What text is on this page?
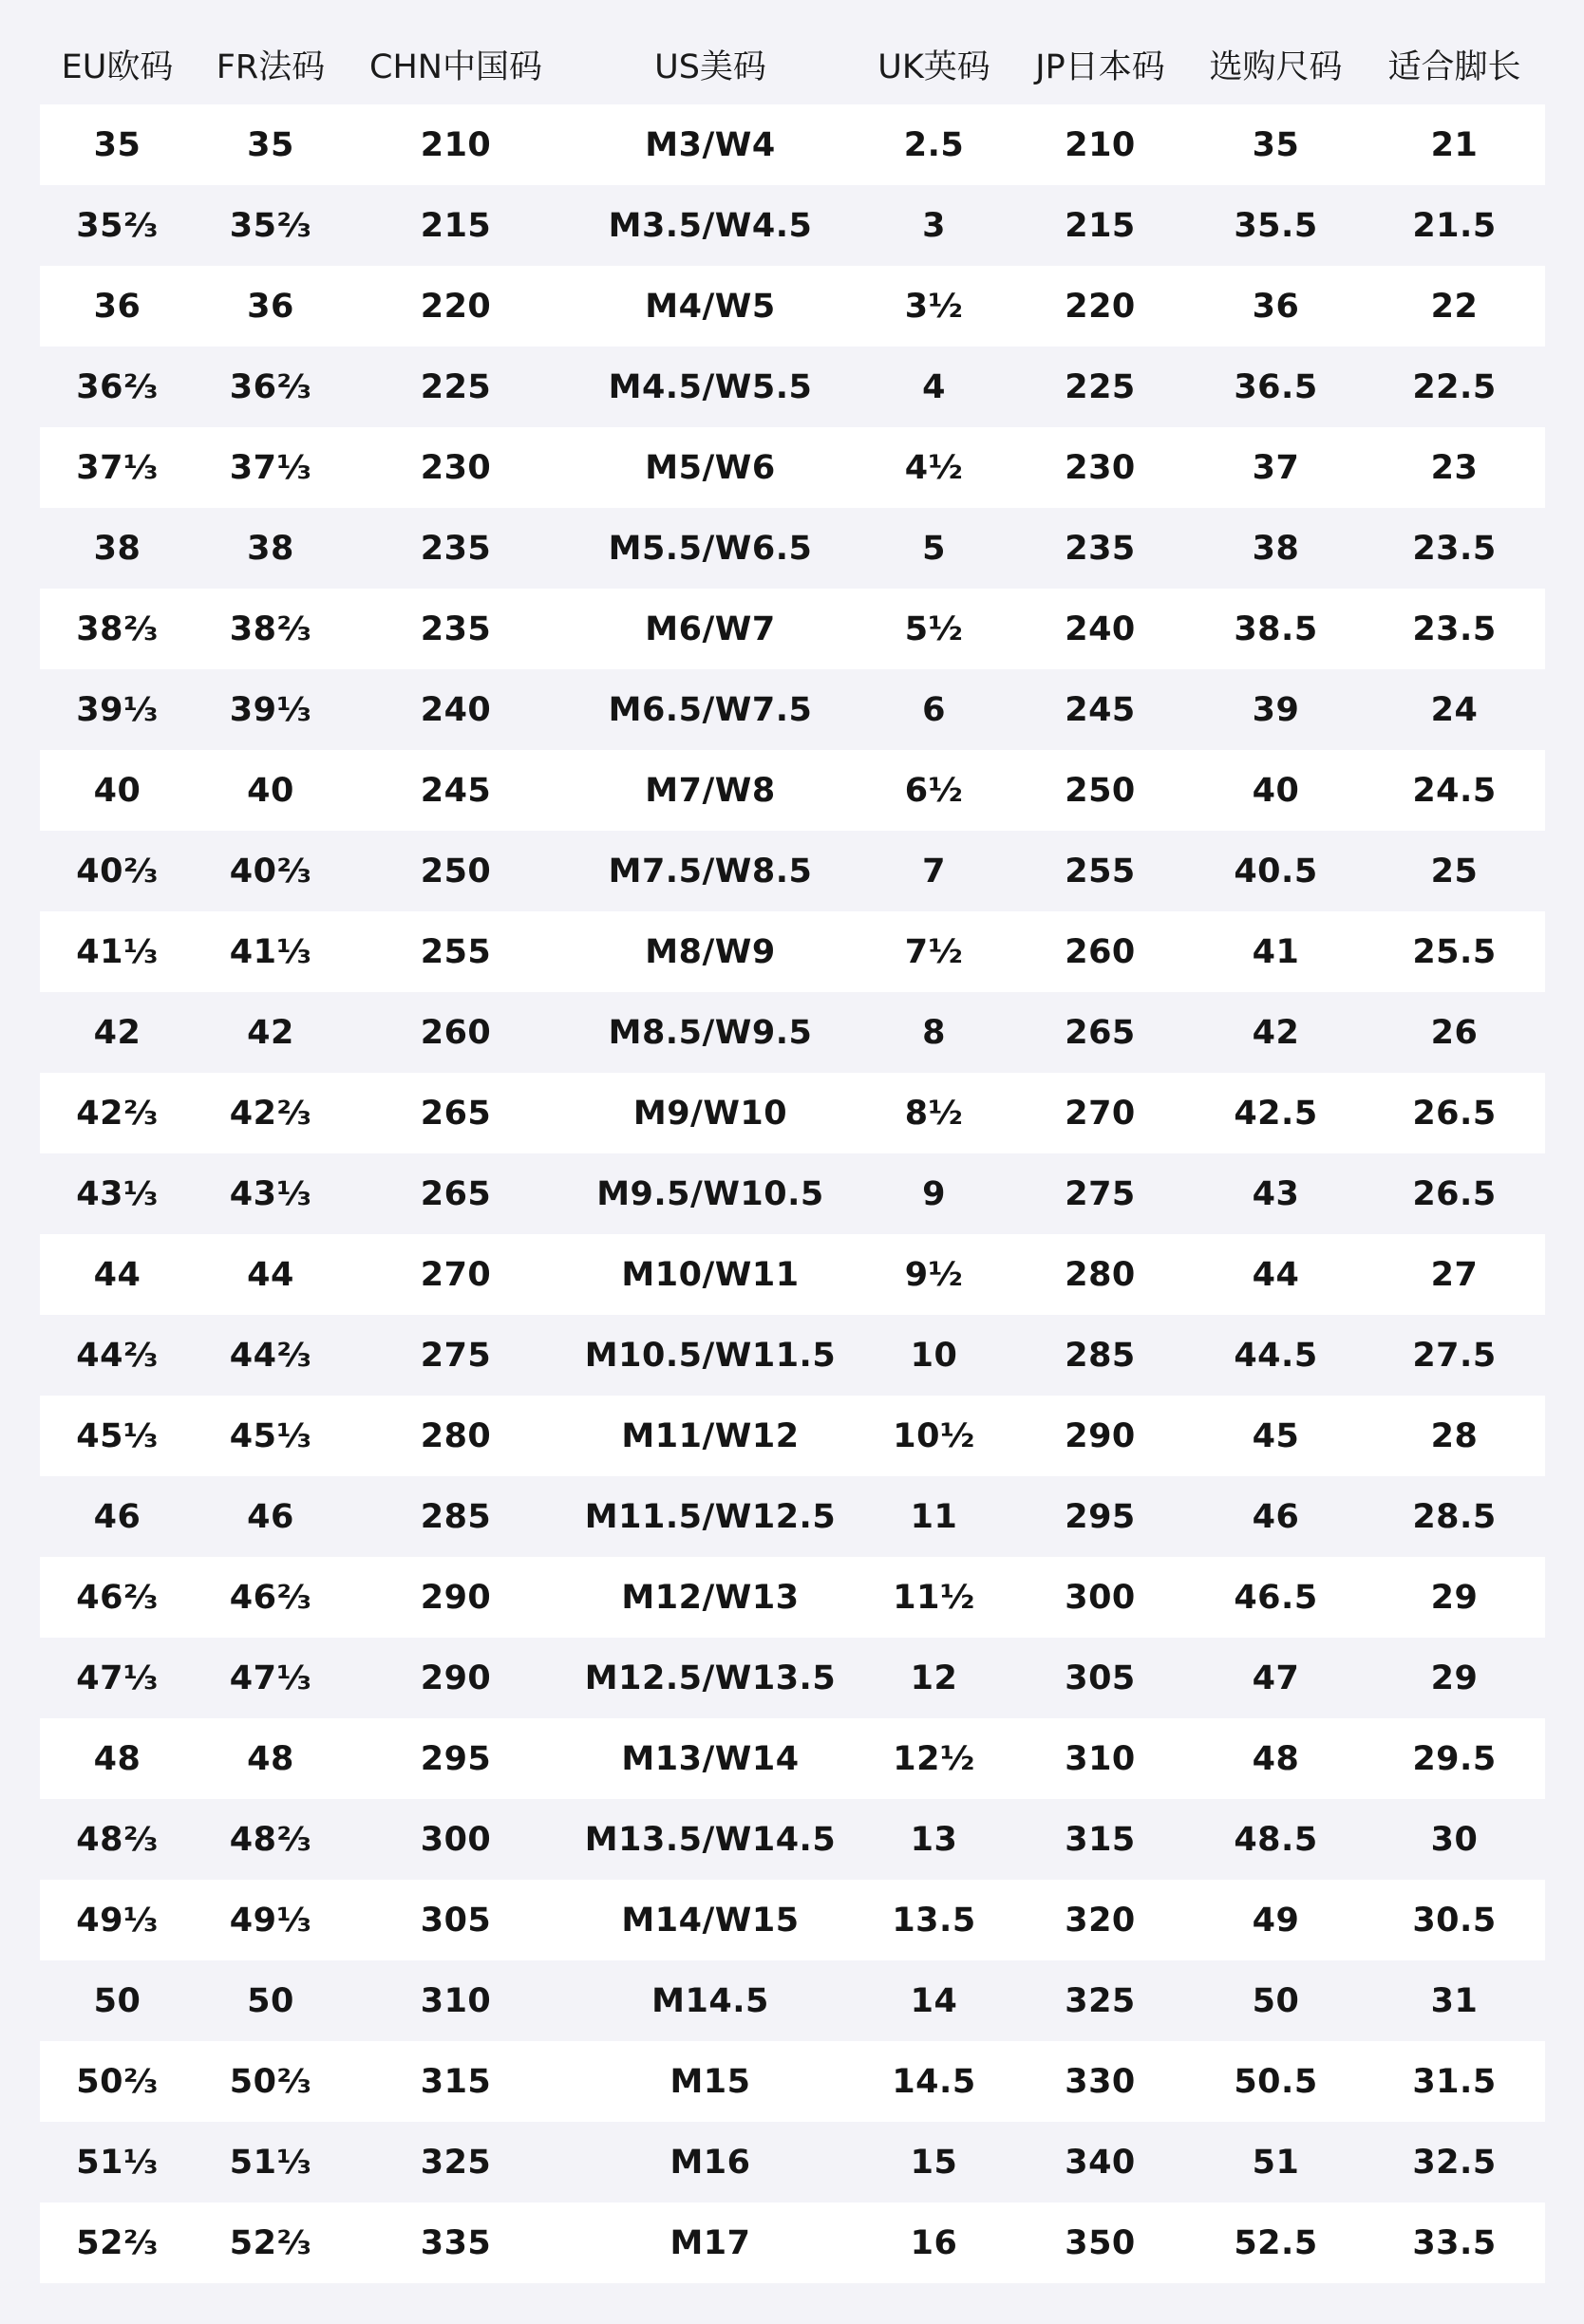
EU欧码	FR法码	CHN中国码	US美码	UK英码	JP日本码	选购尺码	适合脚长
35	35	210	M3/W4	2.5	210	35	21
35⅔	35⅔	215	M3.5/W4.5	3	215	35.5	21.5
36	36	220	M4/W5	3½	220	36	22
36⅔	36⅔	225	M4.5/W5.5	4	225	36.5	22.5
37⅓	37⅓	230	M5/W6	4½	230	37	23
38	38	235	M5.5/W6.5	5	235	38	23.5
38⅔	38⅔	235	M6/W7	5½	240	38.5	23.5
39⅓	39⅓	240	M6.5/W7.5	6	245	39	24
40	40	245	M7/W8	6½	250	40	24.5
40⅔	40⅔	250	M7.5/W8.5	7	255	40.5	25
41⅓	41⅓	255	M8/W9	7½	260	41	25.5
42	42	260	M8.5/W9.5	8	265	42	26
42⅔	42⅔	265	M9/W10	8½	270	42.5	26.5
43⅓	43⅓	265	M9.5/W10.5	9	275	43	26.5
44	44	270	M10/W11	9½	280	44	27
44⅔	44⅔	275	M10.5/W11.5	10	285	44.5	27.5
45⅓	45⅓	280	M11/W12	10½	290	45	28
46	46	285	M11.5/W12.5	11	295	46	28.5
46⅔	46⅔	290	M12/W13	11½	300	46.5	29
47⅓	47⅓	290	M12.5/W13.5	12	305	47	29
48	48	295	M13/W14	12½	310	48	29.5
48⅔	48⅔	300	M13.5/W14.5	13	315	48.5	30
49⅓	49⅓	305	M14/W15	13.5	320	49	30.5
50	50	310	M14.5	14	325	50	31
50⅔	50⅔	315	M15	14.5	330	50.5	31.5
51⅓	51⅓	325	M16	15	340	51	32.5
52⅔	52⅔	335	M17	16	350	52.5	33.5
